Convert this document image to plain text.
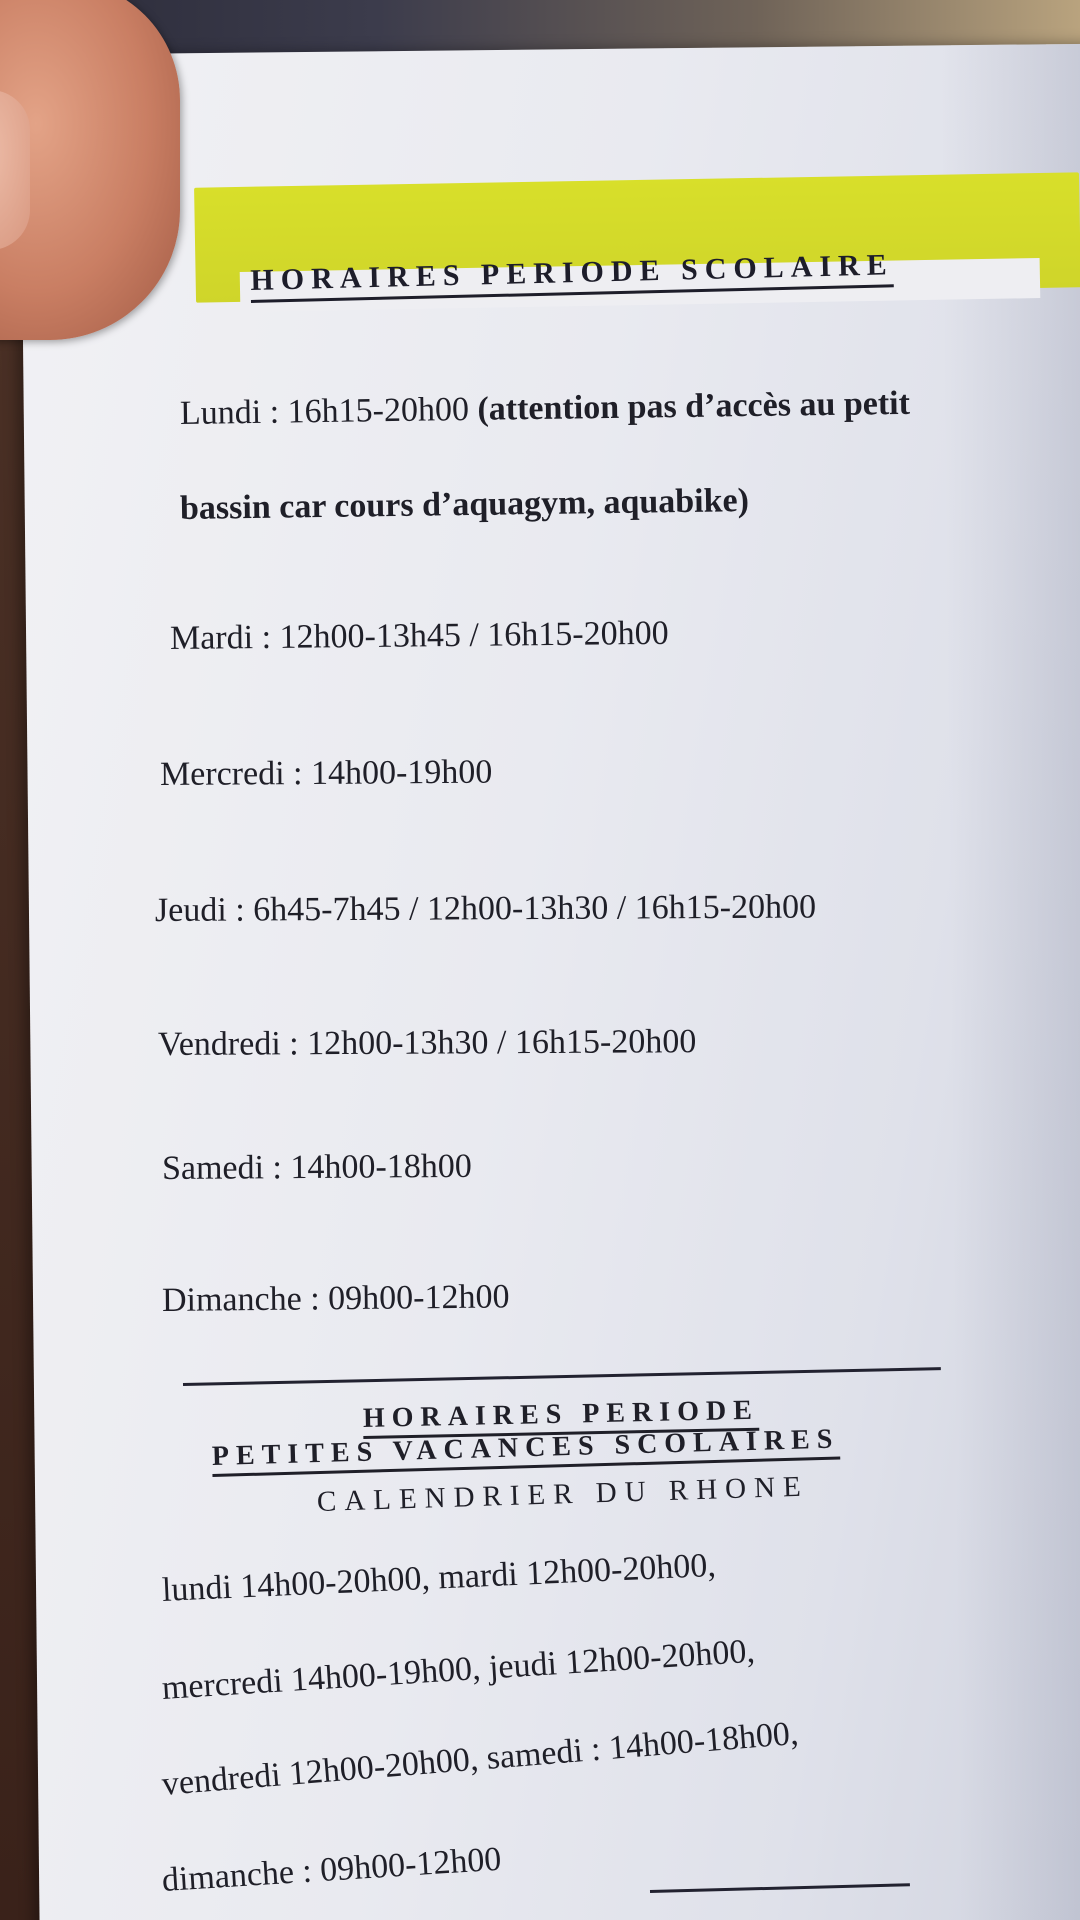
HORAIRES PERIODE SCOLAIRE
Lundi : 16h15-20h00 (attention pas d’accès au petit
bassin car cours d’aquagym, aquabike)
Mardi : 12h00-13h45 / 16h15-20h00
Mercredi : 14h00-19h00
Jeudi : 6h45-7h45 / 12h00-13h30 / 16h15-20h00
Vendredi : 12h00-13h30 / 16h15-20h00
Samedi : 14h00-18h00
Dimanche : 09h00-12h00
HORAIRES PERIODE
PETITES VACANCES SCOLAIRES
CALENDRIER DU RHONE
lundi 14h00-20h00, mardi 12h00-20h00,
mercredi 14h00-19h00, jeudi 12h00-20h00,
vendredi 12h00-20h00, samedi : 14h00-18h00,
dimanche : 09h00-12h00
